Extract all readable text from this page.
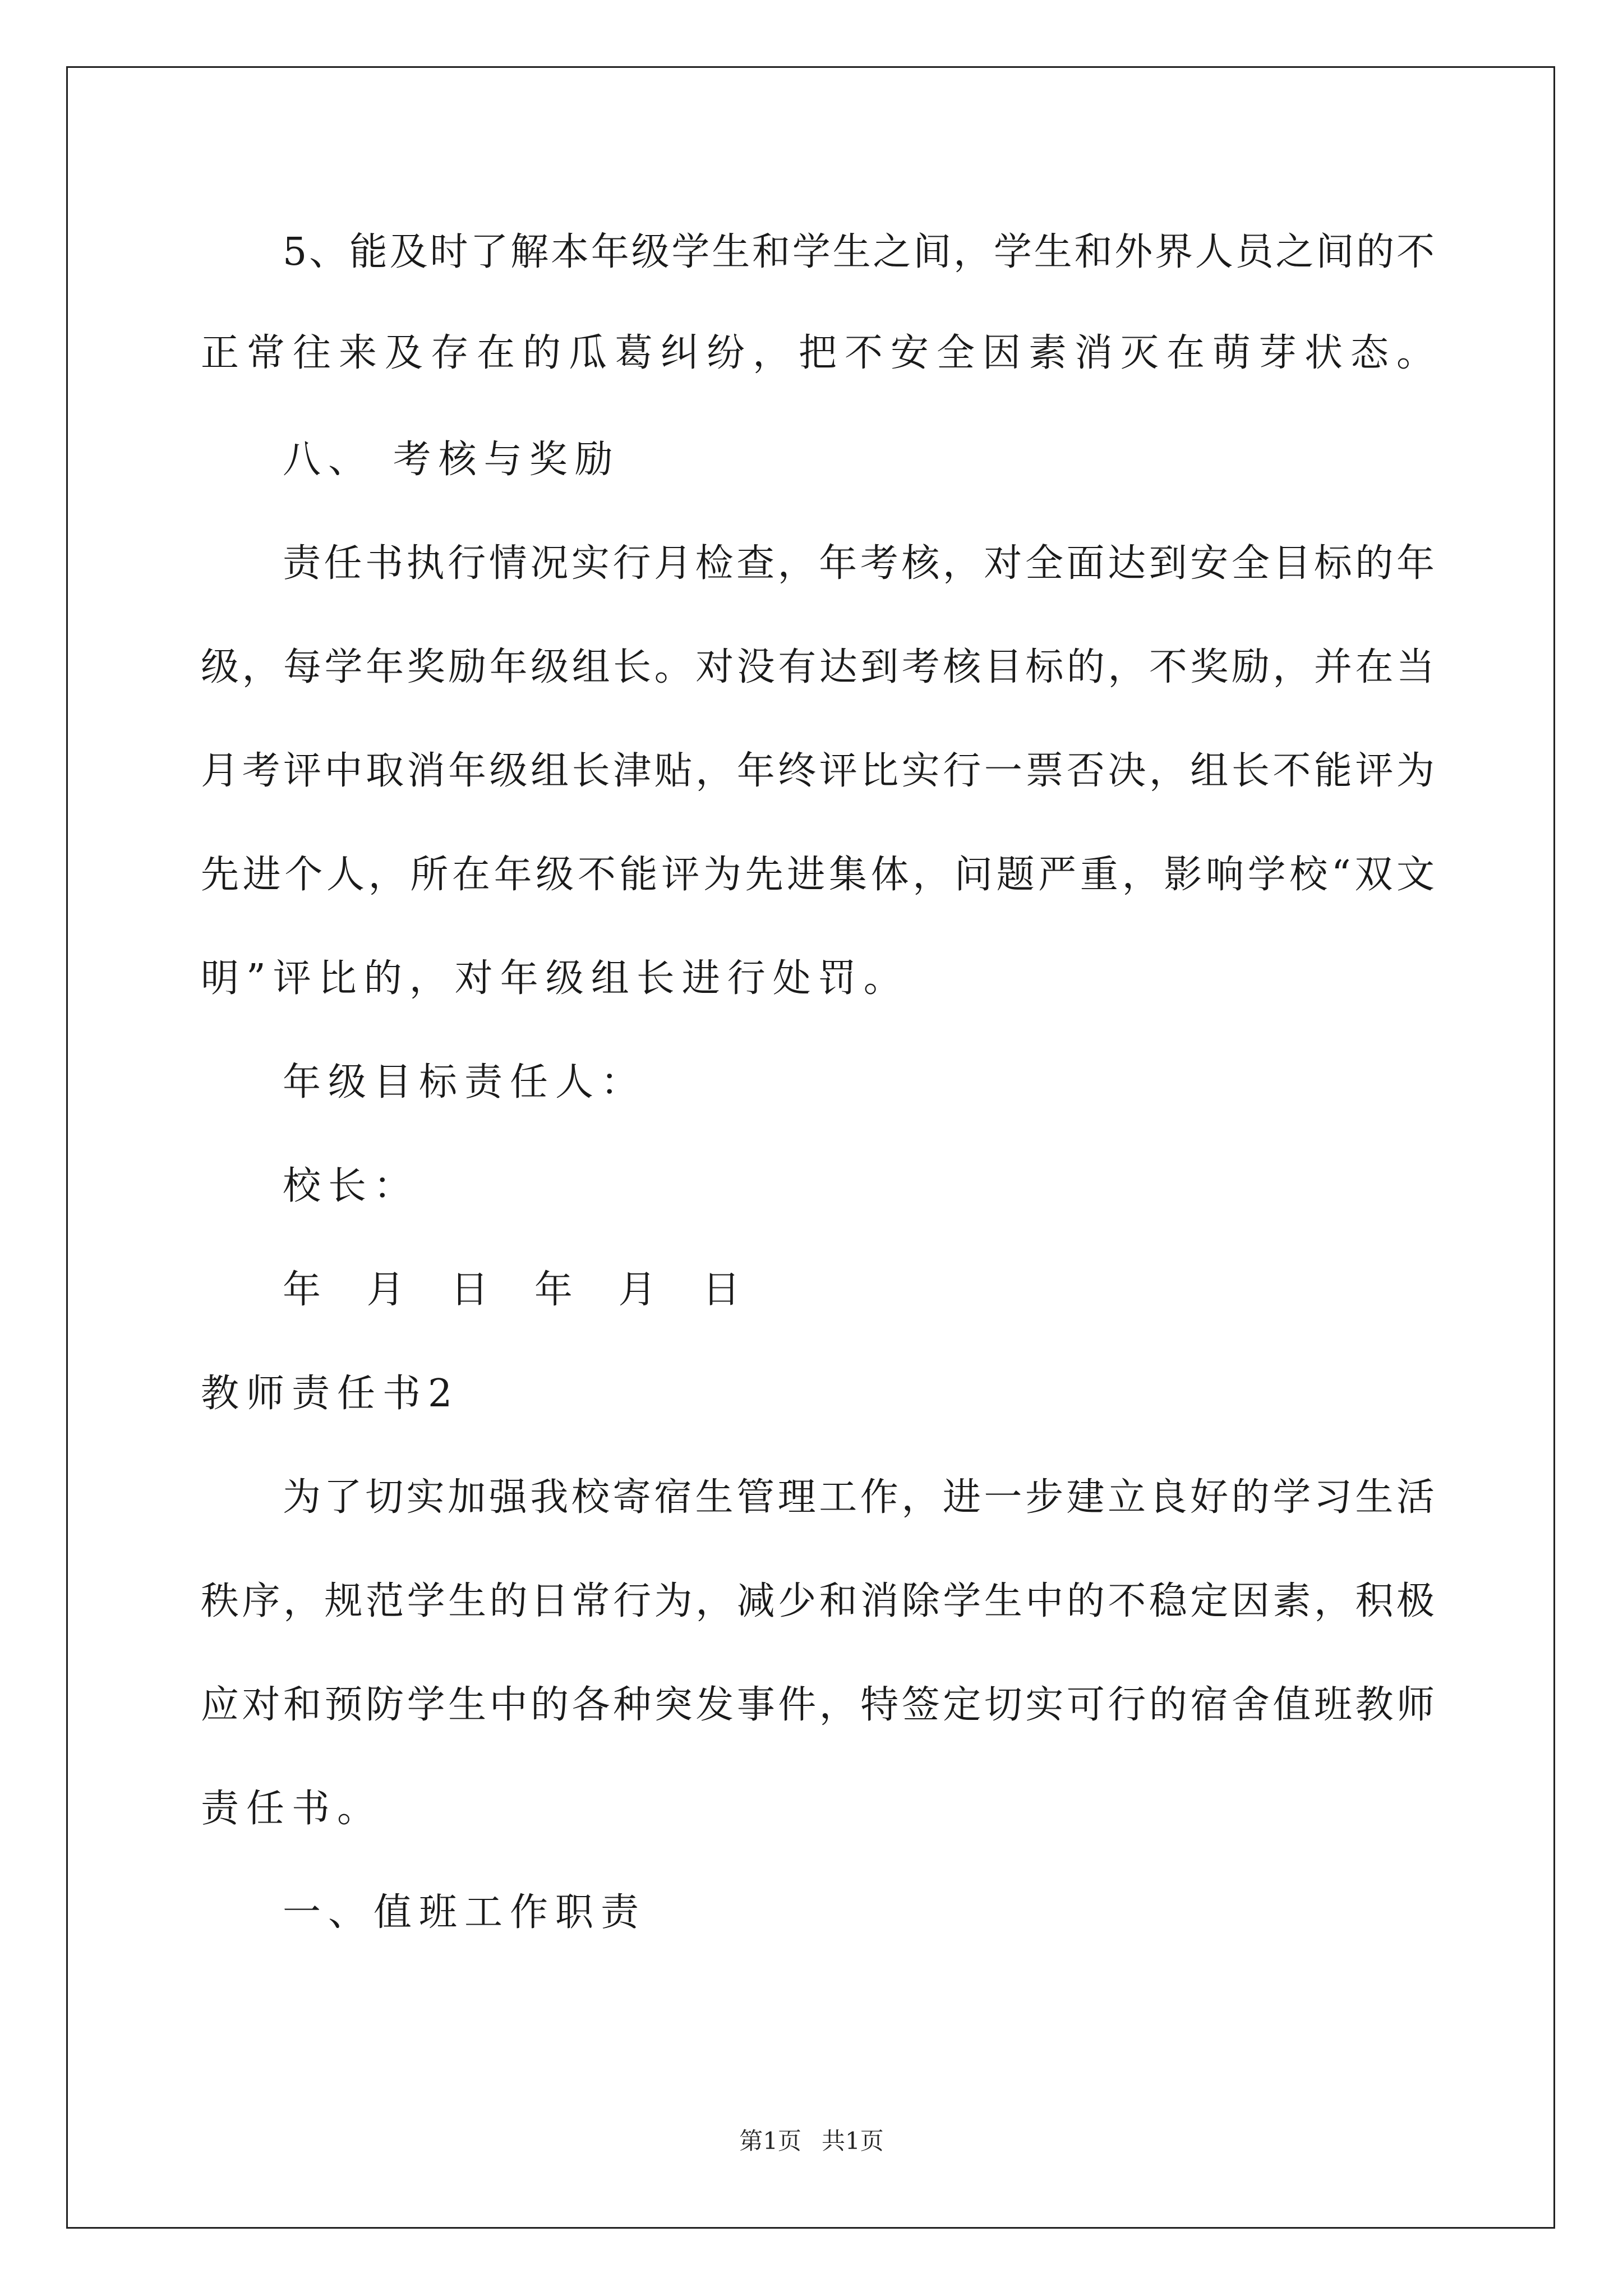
5、能及时了解本年级学生和学生之间，学生和外界人员之间的不
正常往来及存在的瓜葛纠纷，把不安全因素消灭在萌芽状态。
八、 考核与奖励
责任书执行情况实行月检查，年考核，对全面达到安全目标的年
级，每学年奖励年级组长。对没有达到考核目标的，不奖励，并在当
月考评中取消年级组长津贴，年终评比实行一票否决，组长不能评为
先进个人，所在年级不能评为先进集体，问题严重，影响学校“双文
明”评比的，对年级组长进行处罚。
年级目标责任人：
校长：
年 月 日 年 月 日
教师责任书2
为了切实加强我校寄宿生管理工作，进一步建立良好的学习生活
秩序，规范学生的日常行为，减少和消除学生中的不稳定因素，积极
应对和预防学生中的各种突发事件，特签定切实可行的宿舍值班教师
责任书。
一、值班工作职责
第1页 共1页
